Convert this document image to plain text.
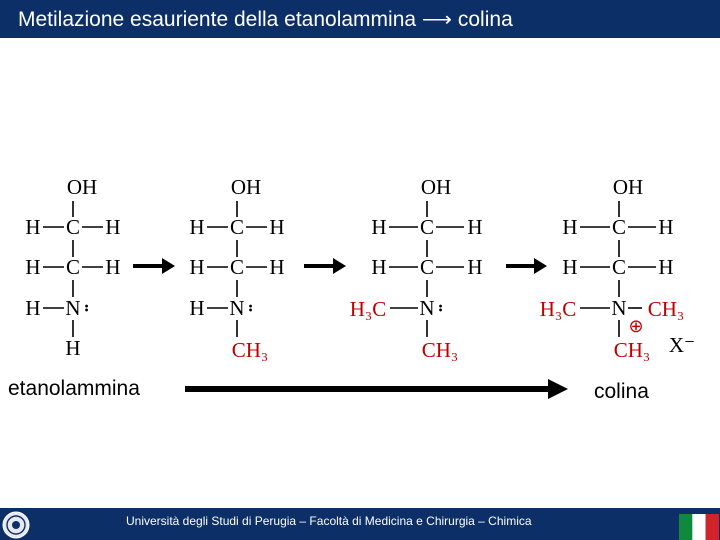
Metilazione esauriente della etanolammina ⟶ colina
OH
H C H
H C H
H N ••
H
OH
H C H
H C H
H N ••
CH₃
OH
H C H
H C H
H₃C N ••
CH₃
OH
H C H
H C H
H₃C N CH₃
⊕
CH₃ X⁻
etanolammina	colina
Università degli Studi di Perugia – Facoltà di Medicina e Chirurgia – Chimica
